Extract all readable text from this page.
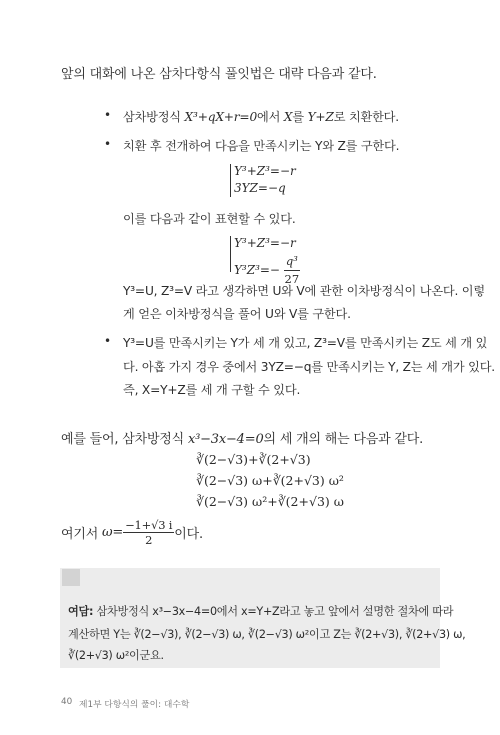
앞의 대화에 나온 삼차다항식 풀잇법은 대략 다음과 같다.
• 삼차방정식 X³+qX+r=0에서 X를 Y+Z로 치환한다.
• 치환 후 전개하여 다음을 만족시키는 Y와 Z를 구한다.
Y³+Z³=−r
3YZ=−q
이를 다음과 같이 표현할 수 있다.
Y³+Z³=−r
$Y^3Z^3=- \frac{\text{q³}}{27}$
Y³=U, Z³=V 라고 생각하면 U와 V에 관한 이차방정식이 나온다. 이렇
게 얻은 이차방정식을 풀어 U와 V를 구한다.
• Y³=U를 만족시키는 Y가 세 개 있고, Z³=V를 만족시키는 Z도 세 개 있
다. 아홉 가지 경우 중에서 3YZ=−q를 만족시키는 Y, Z는 세 개가 있다.
즉, X=Y+Z를 세 개 구할 수 있다.
예를 들어, 삼차방정식 x³−3x−4=0의 세 개의 해는 다음과 같다.
∛(2−√3)+∛(2+√3)
∛(2−√3) ω+∛(2+√3) ω²
∛(2−√3) ω²+∛(2+√3) ω
여기서 $\omega= \frac{-1+√3 i}{2}$ 이다.
여담: 삼차방정식 x³−3x−4=0에서 x=Y+Z라고 놓고 앞에서 설명한 절차에 따라
계산하면 Y는 ∛(2−√3), ∛(2−√3) ω, ∛(2−√3) ω²이고 Z는 ∛(2+√3), ∛(2+√3) ω,
∛(2+√3) ω²이군요.
40 제1부 다항식의 풀이: 대수학
